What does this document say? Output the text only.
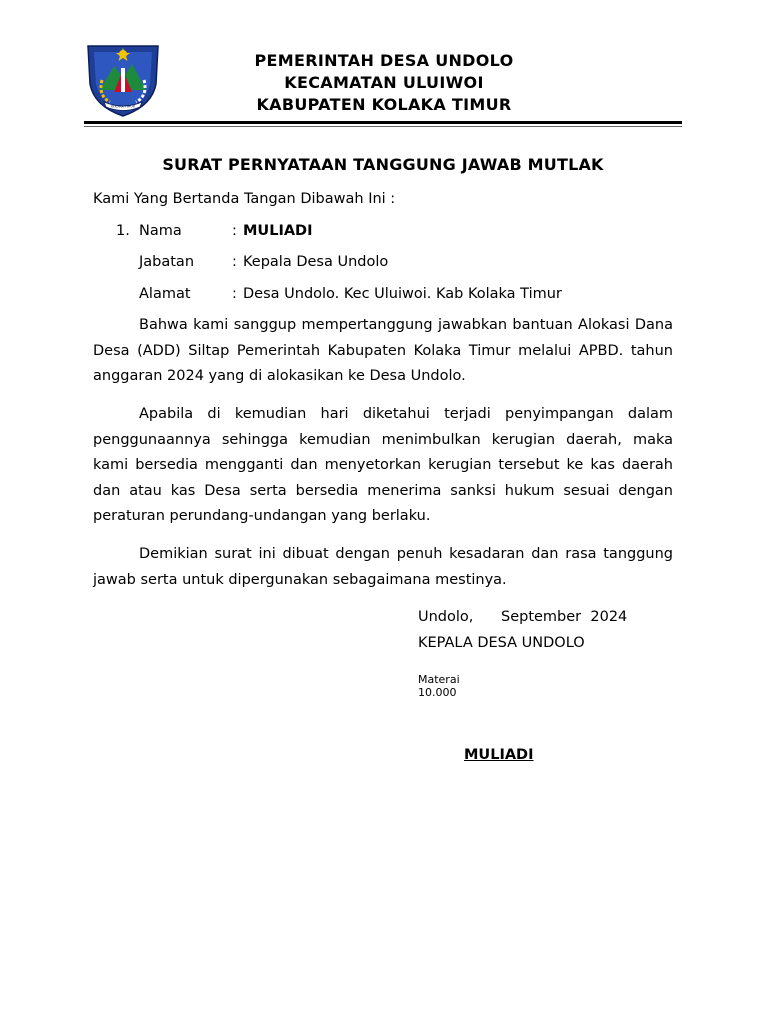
KOLAKA TIMUR
PEMERINTAH DESA UNDOLO
KECAMATAN ULUIWOI
KABUPATEN KOLAKA TIMUR
SURAT PERNYATAAN TANGGUNG JAWAB MUTLAK
Kami Yang Bertanda Tangan Dibawah Ini :
1. Nama	: MULIADI
Jabatan	: Kepala Desa Undolo
Alamat	: Desa Undolo. Kec Uluiwoi. Kab Kolaka Timur
Bahwa kami sanggup mempertanggung jawabkan bantuan Alokasi Dana Desa (ADD) Siltap Pemerintah Kabupaten Kolaka Timur melalui APBD. tahun anggaran 2024 yang di alokasikan ke Desa Undolo.
Apabila di kemudian hari diketahui terjadi penyimpangan dalam penggunaannya sehingga kemudian menimbulkan kerugian daerah, maka kami bersedia mengganti dan menyetorkan kerugian tersebut ke kas daerah dan atau kas Desa serta bersedia menerima sanksi hukum sesuai dengan peraturan perundang-undangan yang berlaku.
Demikian surat ini dibuat dengan penuh kesadaran dan rasa tanggung jawab serta untuk dipergunakan sebagaimana mestinya.
Undolo, September  2024
KEPALA DESA UNDOLO
Materai
10.000
MULIADI
